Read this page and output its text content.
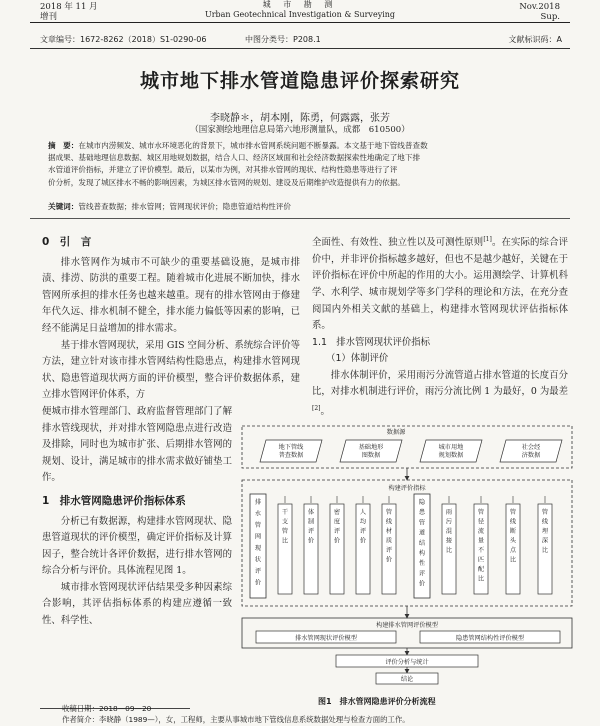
2018 年 11 月
增刊
城 市 勘 测
Urban Geotechnical Investigation & Surveying
Nov.2018
Sup.
文章编号：1672-8262（2018）S1-0290-06	中图分类号：P208.1	文献标识码：A
城市地下排水管道隐患评价探索研究
李晓静＊，胡本刚，陈勇，何露露，张芳
（国家测绘地理信息局第六地形测量队，成都　610500）
摘　要：在城市内涝频发、城市水环境恶化的背景下，城市排水管网系统问题不断暴露。本文基于地下管线普查数
据成果、基础地理信息数据、城区用地规划数据，结合人口、经济区域面和社会经济数据探索性地确定了地下排
水管道评价指标，并建立了评价模型。最后，以某市为例，对其排水管网的现状、结构性隐患等进行了评
价分析，发现了城区排水不畅的影响因素，为城区排水管网的规划、建设及后期维护改造提供有力的依据。
关键词：管线普查数据；排水管网；管网现状评价；隐患管道结构性评价
0　引　言

排水管网作为城市不可缺少的重要基础设施，是城市排渍、排涝、防洪的重要工程。随着城市化进展不断加快，排水管网所承担的排水任务也越来越重。现有的排水管网由于修建年代久远、排水机制不健全，排水能力偏低等因素的影响，已经不能满足日益增加的排水需求。

基于排水管网现状，采用 GIS 空间分析、系统综合评价等方法，建立针对该市排水管网结构性隐患点，构建排水管网现状、隐患管道现状两方面的评价模型，整合评价数据体系，建立排水管网评价体系，方

便城市排水管理部门、政府监督管理部门了解排水管线现状，并对排水管网隐患点进行改造及排除，同时也为城市扩张、后期排水管网的规划、设计，满足城市的排水需求做好铺垫工作。

1　排水管网隐患评价指标体系

分析已有数据源，构建排水管网现状、隐患管道现状的评价模型，确定评价指标及计算因子，整合统计各评价数据，进行排水管网的综合分析与评价。具体流程见图 1。

城市排水管网现状评估结果受多种因素综合影响，其评估指标体系的构建应遵循一致性、科学性、

全面性、有效性、独立性以及可测性原则[1]。在实际的综合评价中，并非评价指标越多越好，但也不是越少越好，关键在于评价指标在评价中所起的作用的大小。运用测绘学、计算机科学、水利学、城市规划学等多门学科的理论和方法，在充分查阅国内外相关文献的基础上，构建排水管网现状评估指标体系。

1.1　排水管网现状评价指标
（1）体制评价

排水体制评价，采用雨污分流管道占排水管道的长度百分比，对排水机制进行评价，雨污分流比例 1 为最好，0 为最差[2]。

数据源
地下管线
普查数据
基础地形
图数据
城市用地
规划数据
社会经
济数据
构建评价指标
干支管比
体制评价
密度评价
人均评价
管线材质评价
雨污混接比
管径流量不匹配比
管线断头点比
管线埋深比
构建排水管网评价模型
排水管网现状评价模型	隐患管网结构性评价模型
评价分析与统计
结论
排水管网现状评价
隐患管道结构性评价
图1 排水管网隐患评价分析流程
收稿日期：2018—09—20
作者简介：李晓静（1989—），女，工程师，主要从事城市地下管线信息系统数据处理与检查方面的工作。
